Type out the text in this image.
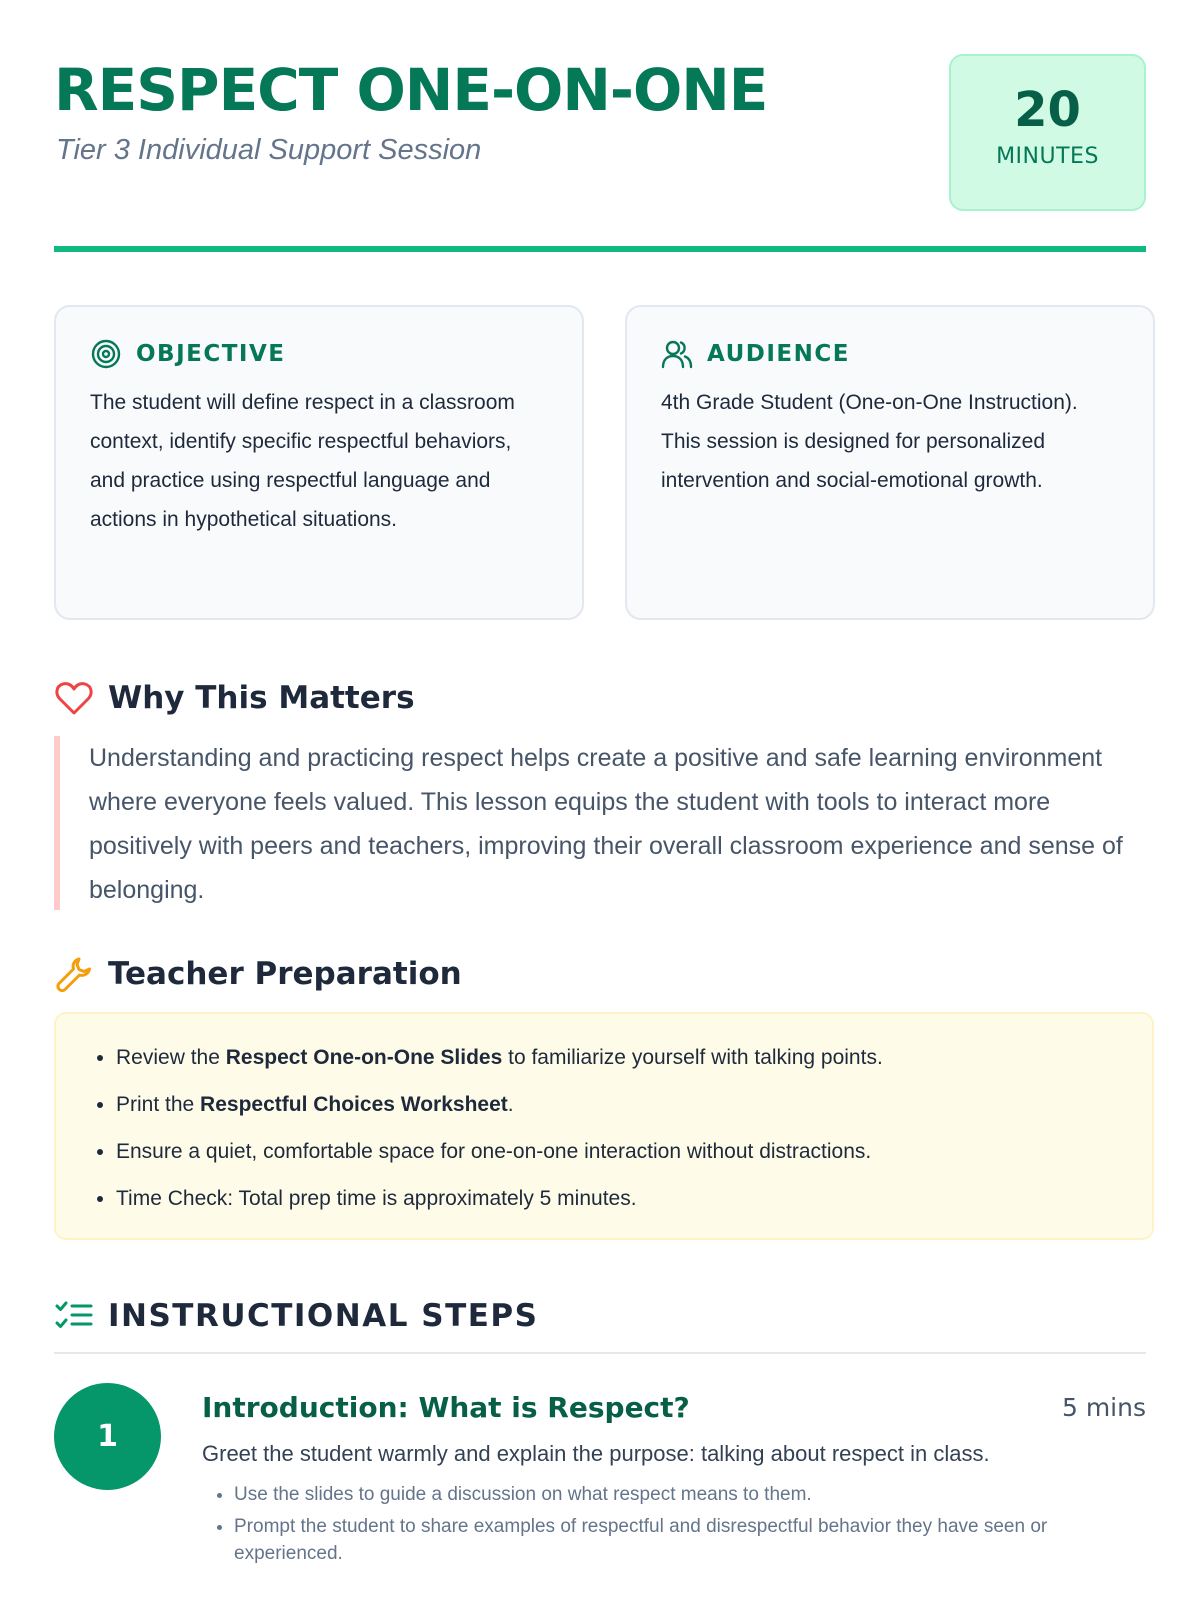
RESPECT ONE-ON-ONE
Tier 3 Individual Support Session
20
MINUTES
OBJECTIVE

The student will define respect in a classroom context, identify specific respectful behaviors, and practice using respectful language and actions in hypothetical situations.

AUDIENCE

4th Grade Student (One-on-One Instruction). This session is designed for personalized intervention and social-emotional growth.

Why This Matters

Understanding and practicing respect helps create a positive and safe learning environment where everyone feels valued. This lesson equips the student with tools to interact more positively with peers and teachers, improving their overall classroom experience and sense of belonging.

Teacher Preparation
• Review the Respect One-on-One Slides to familiarize yourself with talking points.
• Print the Respectful Choices Worksheet.
• Ensure a quiet, comfortable space for one-on-one interaction without distractions.
• Time Check: Total prep time is approximately 5 minutes.
INSTRUCTIONAL STEPS
1
Introduction: What is Respect?	5 mins

Greet the student warmly and explain the purpose: talking about respect in class.

• Use the slides to guide a discussion on what respect means to them.
• Prompt the student to share examples of respectful and disrespectful behavior they have seen or experienced.
